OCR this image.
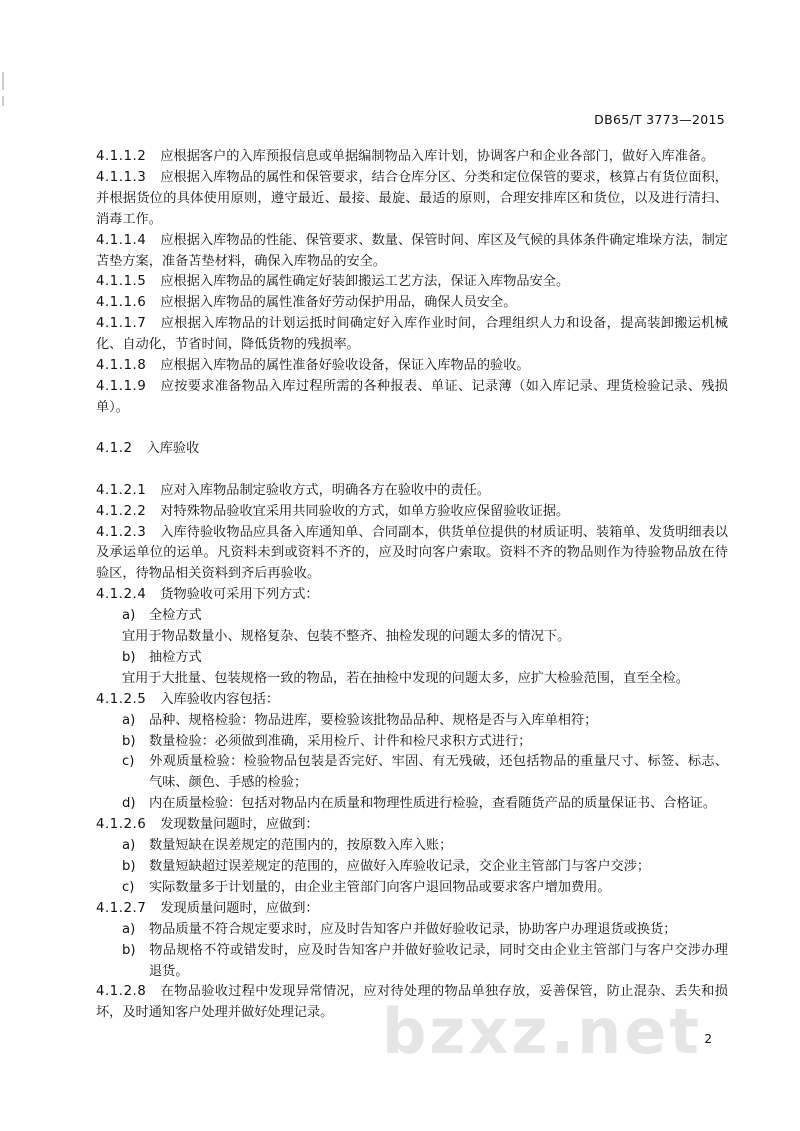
DB65/T 3773—2015

4.1.1.2 应根据客户的入库预报信息或单据编制物品入库计划，协调客户和企业各部门，做好入库准备。

4.1.1.3 应根据入库物品的属性和保管要求，结合仓库分区、分类和定位保管的要求，核算占有货位面积，并根据货位的具体使用原则，遵守最近、最接、最旋、最适的原则，合理安排库区和货位，以及进行清扫、消毒工作。

4.1.1.4 应根据入库物品的性能、保管要求、数量、保管时间、库区及气候的具体条件确定堆垛方法，制定苫垫方案，准备苫垫材料，确保入库物品的安全。

4.1.1.5 应根据入库物品的属性确定好装卸搬运工艺方法，保证入库物品安全。

4.1.1.6 应根据入库物品的属性准备好劳动保护用品，确保人员安全。

4.1.1.7 应根据入库物品的计划运抵时间确定好入库作业时间，合理组织人力和设备，提高装卸搬运机械化、自动化，节省时间，降低货物的残损率。

4.1.1.8 应根据入库物品的属性准备好验收设备，保证入库物品的验收。

4.1.1.9 应按要求准备物品入库过程所需的各种报表、单证、记录薄（如入库记录、理货检验记录、残损单）。

4.1.2 入库验收

4.1.2.1 应对入库物品制定验收方式，明确各方在验收中的责任。

4.1.2.2 对特殊物品验收宜采用共同验收的方式，如单方验收应保留验收证据。

4.1.2.3 入库待验收物品应具备入库通知单、合同副本，供货单位提供的材质证明、装箱单、发货明细表以及承运单位的运单。凡资料未到或资料不齐的，应及时向客户索取。资料不齐的物品则作为待验物品放在待验区，待物品相关资料到齐后再验收。

4.1.2.4 货物验收可采用下列方式：

a) 全检方式

宜用于物品数量小、规格复杂、包装不整齐、抽检发现的问题太多的情况下。

b) 抽检方式

宜用于大批量、包装规格一致的物品，若在抽检中发现的问题太多，应扩大检验范围，直至全检。

4.1.2.5 入库验收内容包括：

a) 品种、规格检验：物品进库，要检验该批物品品种、规格是否与入库单相符；

b) 数量检验：必须做到准确，采用检斤、计件和检尺求积方式进行；

c) 外观质量检验：检验物品包装是否完好、牢固、有无残破，还包括物品的重量尺寸、标签、标志、气味、颜色、手感的检验；

d) 内在质量检验：包括对物品内在质量和物理性质进行检验，查看随货产品的质量保证书、合格证。

4.1.2.6 发现数量问题时，应做到：

a) 数量短缺在误差规定的范围内的，按原数入库入账；

b) 数量短缺超过误差规定的范围的，应做好入库验收记录，交企业主管部门与客户交涉；

c) 实际数量多于计划量的，由企业主管部门向客户退回物品或要求客户增加费用。

4.1.2.7 发现质量问题时，应做到：

a) 物品质量不符合规定要求时，应及时告知客户并做好验收记录，协助客户办理退货或换货；

b) 物品规格不符或错发时，应及时告知客户并做好验收记录，同时交由企业主管部门与客户交涉办理退货。

4.1.2.8 在物品验收过程中发现异常情况，应对待处理的物品单独存放，妥善保管，防止混杂、丢失和损坏，及时通知客户处理并做好处理记录。 bzxz.net 2
